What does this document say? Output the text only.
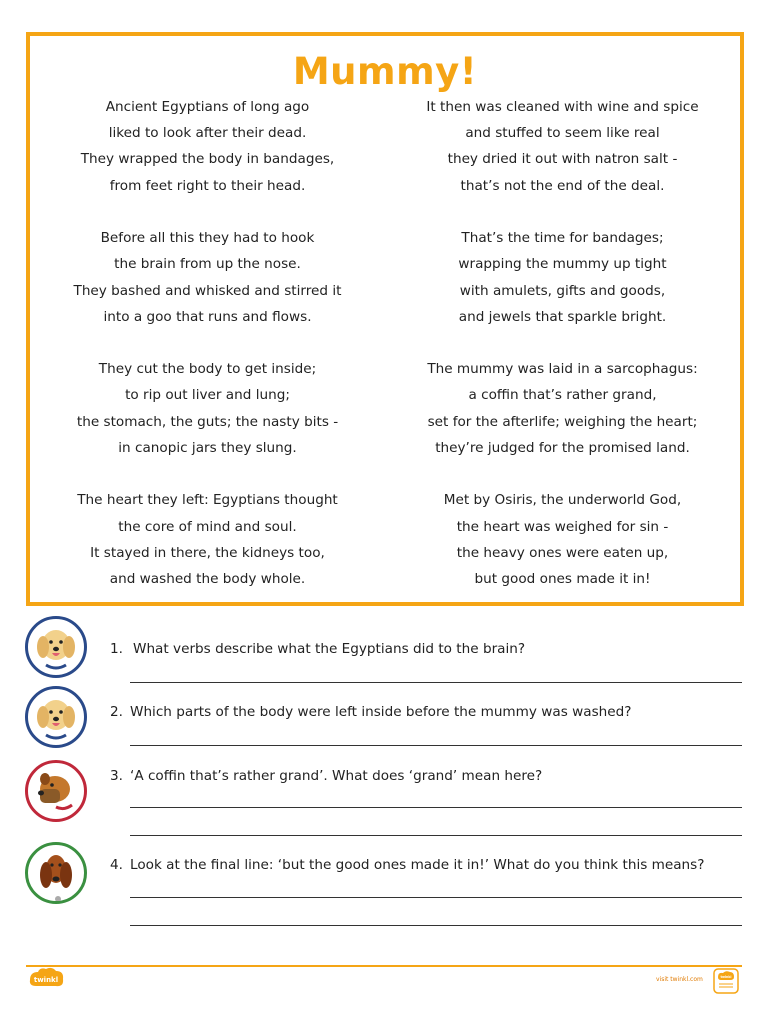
Mummy!
Ancient Egyptians of long ago
liked to look after their dead.
They wrapped the body in bandages,
from feet right to their head.
Before all this they had to hook
the brain from up the nose.
They bashed and whisked and stirred it
into a goo that runs and flows.
They cut the body to get inside;
to rip out liver and lung;
the stomach, the guts; the nasty bits -
in canopic jars they slung.
The heart they left: Egyptians thought
the core of mind and soul.
It stayed in there, the kidneys too,
and washed the body whole.
It then was cleaned with wine and spice
and stuffed to seem like real
they dried it out with natron salt -
that’s not the end of the deal.
That’s the time for bandages;
wrapping the mummy up tight
with amulets, gifts and goods,
and jewels that sparkle bright.
The mummy was laid in a sarcophagus:
a coffin that’s rather grand,
set for the afterlife; weighing the heart;
they’re judged for the promised land.
Met by Osiris, the underworld God,
the heart was weighed for sin -
the heavy ones were eaten up,
but good ones made it in!
1. What verbs describe what the Egyptians did to the brain?
2. Which parts of the body were left inside before the mummy was washed?
3. ‘A coffin that’s rather grand’. What does ‘grand’ mean here?
4. Look at the final line: ‘but the good ones made it in!’ What do you think this means?
twinkl	visit twinkl.com	twinkl
